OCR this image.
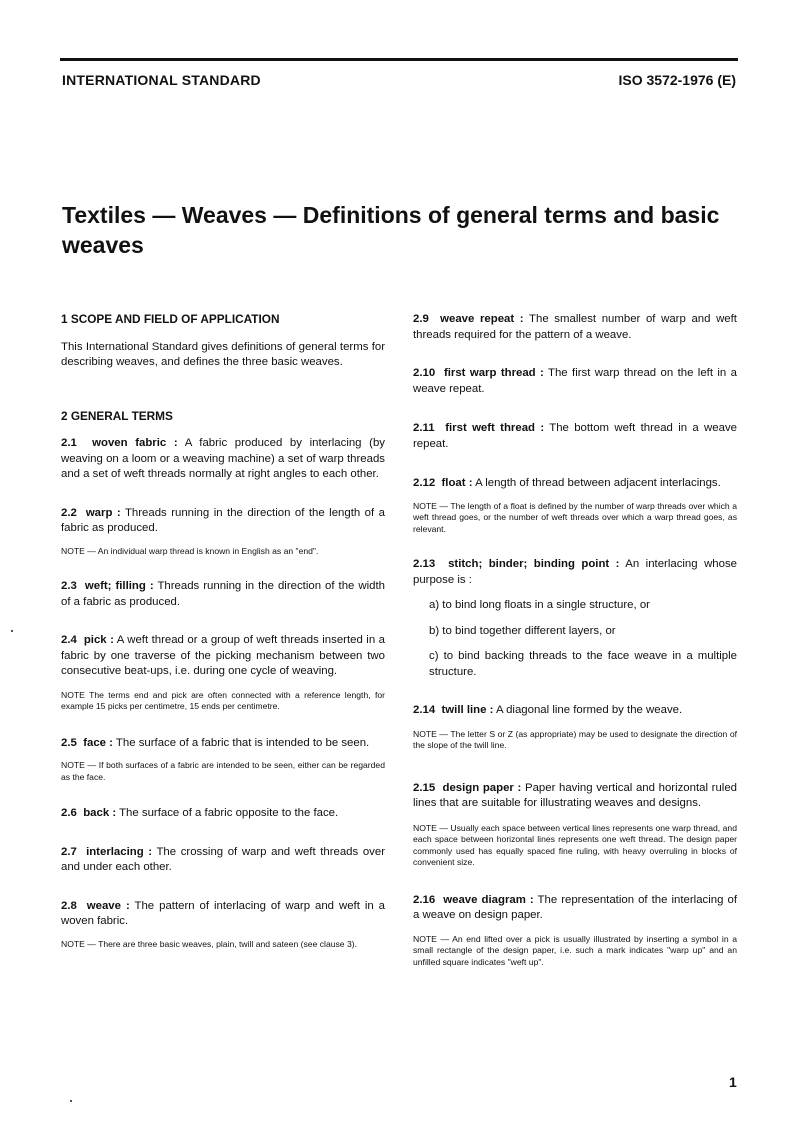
INTERNATIONAL STANDARD	ISO 3572-1976 (E)
Textiles — Weaves — Definitions of general terms and basic weaves

1 SCOPE AND FIELD OF APPLICATION

This International Standard gives definitions of general terms for describing weaves, and defines the three basic weaves.

2 GENERAL TERMS

2.1 woven fabric : A fabric produced by interlacing (by weaving on a loom or a weaving machine) a set of warp threads and a set of weft threads normally at right angles to each other.

2.2 warp : Threads running in the direction of the length of a fabric as produced.

NOTE — An individual warp thread is known in English as an "end".

2.3 weft; filling : Threads running in the direction of the width of a fabric as produced.

2.4 pick : A weft thread or a group of weft threads inserted in a fabric by one traverse of the picking mechanism between two consecutive beat-ups, i.e. during one cycle of weaving.

NOTE The terms end and pick are often connected with a reference length, for example 15 picks per centimetre, 15 ends per centimetre.

2.5 face : The surface of a fabric that is intended to be seen.

NOTE — If both surfaces of a fabric are intended to be seen, either can be regarded as the face.

2.6 back : The surface of a fabric opposite to the face.

2.7 interlacing : The crossing of warp and weft threads over and under each other.

2.8 weave : The pattern of interlacing of warp and weft in a woven fabric.

NOTE — There are three basic weaves, plain, twill and sateen (see clause 3).

2.9 weave repeat : The smallest number of warp and weft threads required for the pattern of a weave.

2.10 first warp thread : The first warp thread on the left in a weave repeat.

2.11 first weft thread : The bottom weft thread in a weave repeat.

2.12 float : A length of thread between adjacent interlacings.

NOTE — The length of a float is defined by the number of warp threads over which a weft thread goes, or the number of weft threads over which a warp thread goes, as relevant.

2.13 stitch; binder; binding point : An interlacing whose purpose is :

a) to bind long floats in a single structure, or

b) to bind together different layers, or

c) to bind backing threads to the face weave in a multiple structure.

2.14 twill line : A diagonal line formed by the weave.

NOTE — The letter S or Z (as appropriate) may be used to designate the direction of the slope of the twill line.

2.15 design paper : Paper having vertical and horizontal ruled lines that are suitable for illustrating weaves and designs.

NOTE — Usually each space between vertical lines represents one warp thread, and each space between horizontal lines represents one weft thread. The design paper commonly used has equally spaced fine ruling, with heavy overruling in blocks of convenient size.

2.16 weave diagram : The representation of the interlacing of a weave on design paper.

NOTE — An end lifted over a pick is usually illustrated by inserting a symbol in a small rectangle of the design paper, i.e. such a mark indicates "warp up" and an unfilled square indicates "weft up".

1
